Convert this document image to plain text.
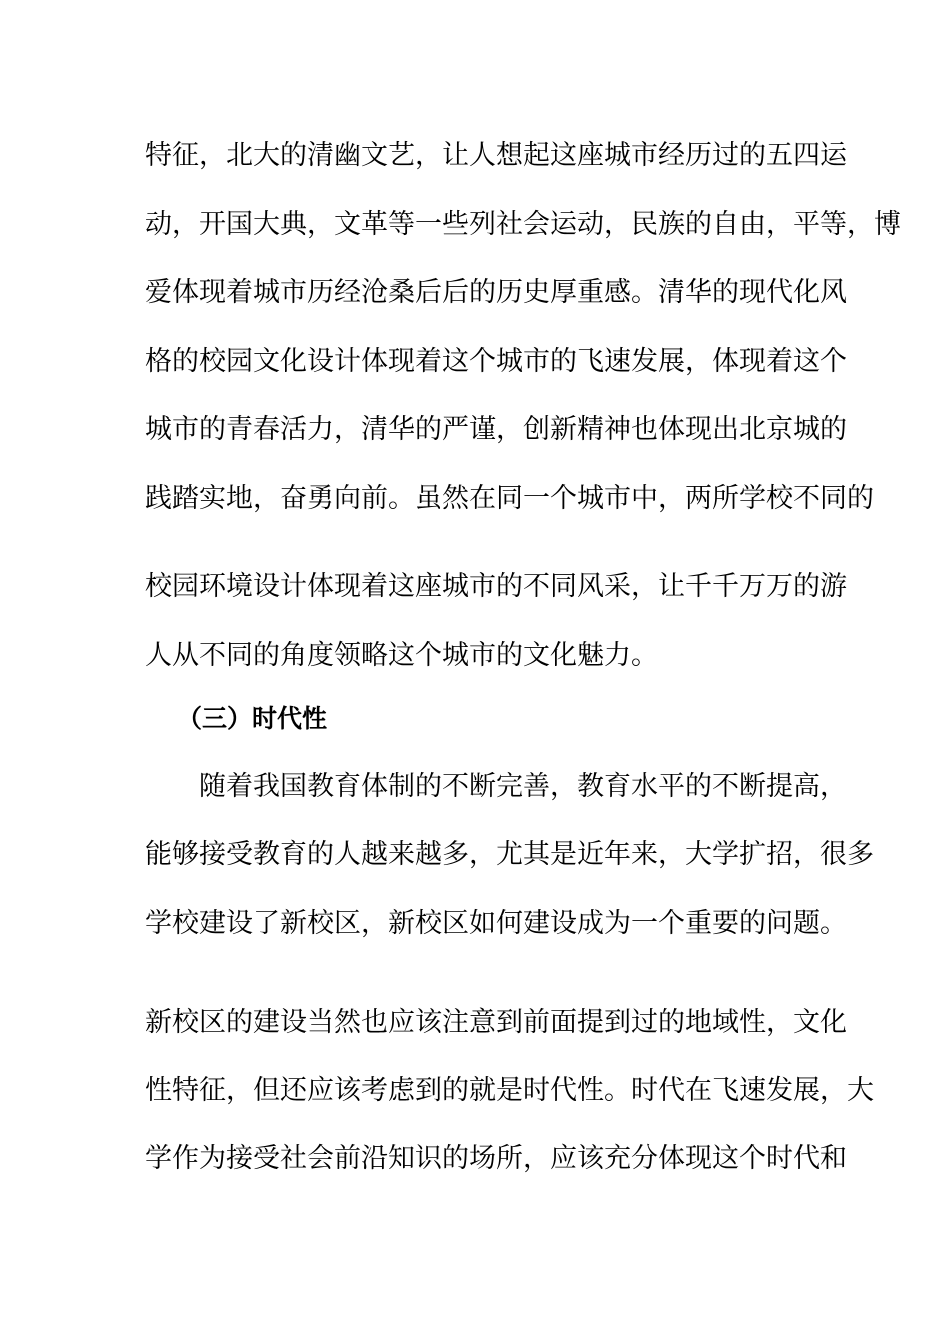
特征，北大的清幽文艺，让人想起这座城市经历过的五四运
动，开国大典，文革等一些列社会运动，民族的自由，平等，博
爱体现着城市历经沧桑后后的历史厚重感。清华的现代化风
格的校园文化设计体现着这个城市的飞速发展，体现着这个
城市的青春活力，清华的严谨，创新精神也体现出北京城的
践踏实地，奋勇向前。虽然在同一个城市中，两所学校不同的
校园环境设计体现着这座城市的不同风采，让千千万万的游
人从不同的角度领略这个城市的文化魅力。
（三）时代性
随着我国教育体制的不断完善，教育水平的不断提高，
能够接受教育的人越来越多，尤其是近年来，大学扩招，很多
学校建设了新校区，新校区如何建设成为一个重要的问题。
新校区的建设当然也应该注意到前面提到过的地域性，文化
性特征，但还应该考虑到的就是时代性。时代在飞速发展，大
学作为接受社会前沿知识的场所，应该充分体现这个时代和
